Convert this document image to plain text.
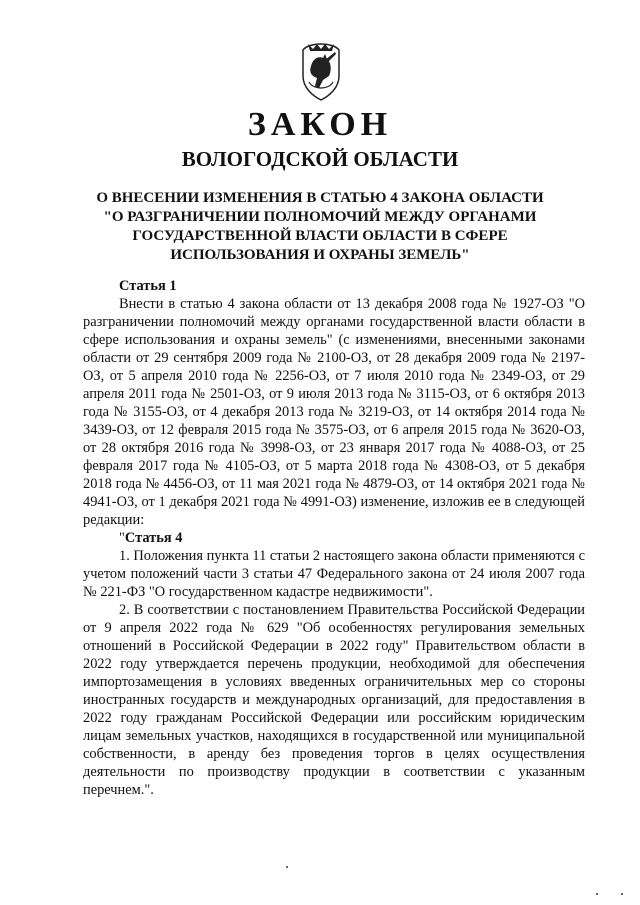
ЗАКОН
ВОЛОГОДСКОЙ ОБЛАСТИ
О ВНЕСЕНИИ ИЗМЕНЕНИЯ В СТАТЬЮ 4 ЗАКОНА ОБЛАСТИ
"О РАЗГРАНИЧЕНИИ ПОЛНОМОЧИЙ МЕЖДУ ОРГАНАМИ
ГОСУДАРСТВЕННОЙ ВЛАСТИ ОБЛАСТИ В СФЕРЕ
ИСПОЛЬЗОВАНИЯ И ОХРАНЫ ЗЕМЕЛЬ"

Статья 1

Внести в статью 4 закона области от 13 декабря 2008 года № 1927-ОЗ "О разграничении полномочий между органами государственной власти области в сфере использования и охраны земель" (с изменениями, внесенными законами области от 29 сентября 2009 года № 2100-ОЗ, от 28 декабря 2009 года № 2197-ОЗ, от 5 апреля 2010 года № 2256-ОЗ, от 7 июля 2010 года № 2349-ОЗ, от 29 апреля 2011 года № 2501-ОЗ, от 9 июля 2013 года № 3115-ОЗ, от 6 октября 2013 года № 3155-ОЗ, от 4 декабря 2013 года № 3219-ОЗ, от 14 октября 2014 года № 3439-ОЗ, от 12 февраля 2015 года № 3575-ОЗ, от 6 апреля 2015 года № 3620-ОЗ, от 28 октября 2016 года № 3998-ОЗ, от 23 января 2017 года № 4088-ОЗ, от 25 февраля 2017 года № 4105-ОЗ, от 5 марта 2018 года № 4308-ОЗ, от 5 декабря 2018 года № 4456-ОЗ, от 11 мая 2021 года № 4879-ОЗ, от 14 октября 2021 года № 4941-ОЗ, от 1 декабря 2021 года № 4991-ОЗ) изменение, изложив ее в следующей редакции:

"Статья 4

1. Положения пункта 11 статьи 2 настоящего закона области применяются с учетом положений части 3 статьи 47 Федерального закона от 24 июля 2007 года № 221-ФЗ "О государственном кадастре недвижимости".

2. В соответствии с постановлением Правительства Российской Федерации от 9 апреля 2022 года № 629 "Об особенностях регулирования земельных отношений в Российской Федерации в 2022 году" Правительством области в 2022 году утверждается перечень продукции, необходимой для обеспечения импортозамещения в условиях введенных ограничительных мер со стороны иностранных государств и международных организаций, для предоставления в 2022 году гражданам Российской Федерации или российским юридическим лицам земельных участков, находящихся в государственной или муниципальной собственности, в аренду без проведения торгов в целях осуществления деятельности по производству продукции в соответствии с указанным перечнем.".
